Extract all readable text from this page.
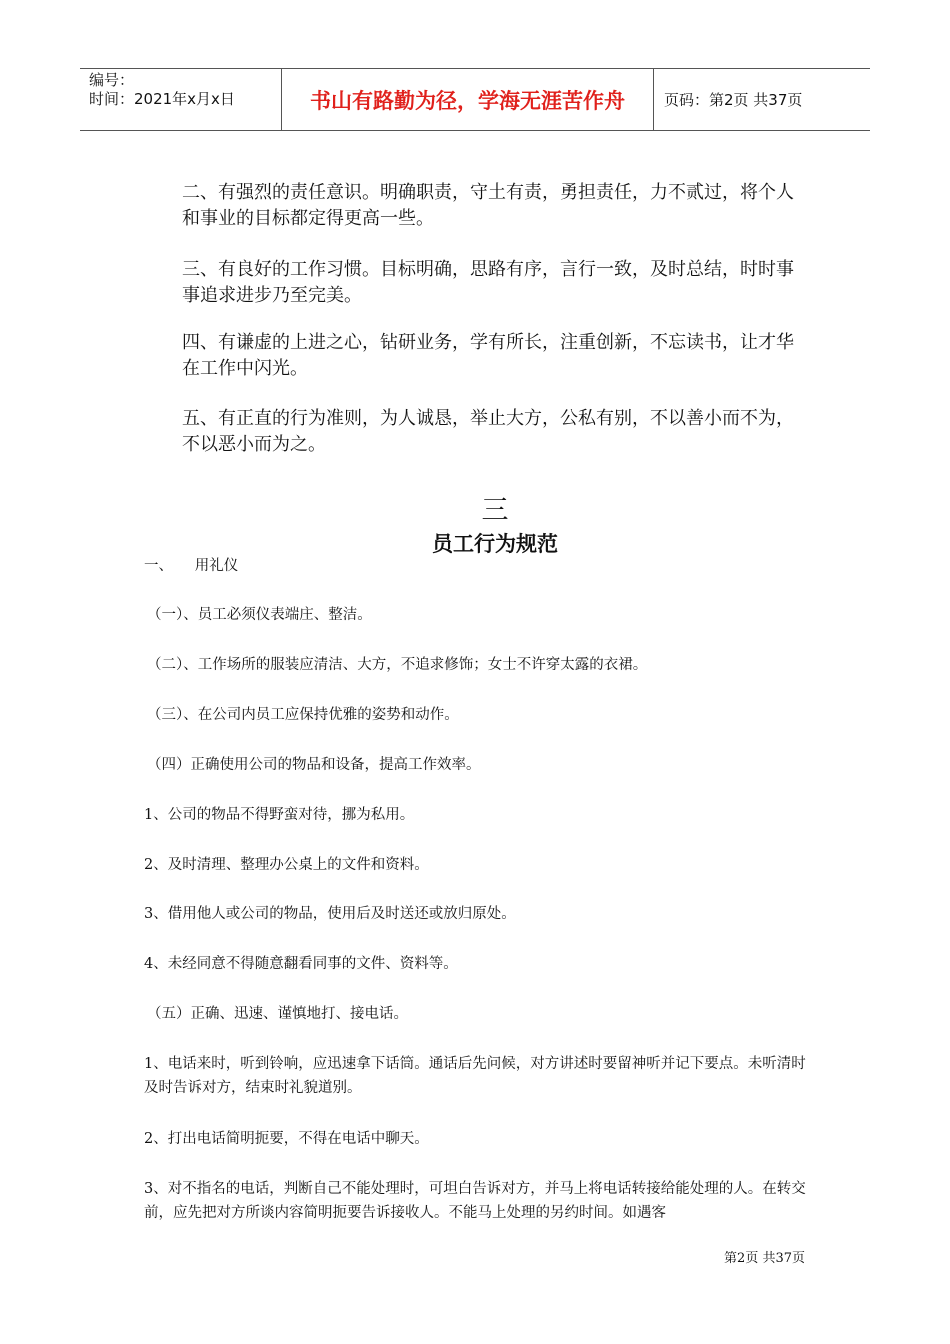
编号：
时间：2021年x月x日	书山有路勤为径，学海无涯苦作舟	页码：第2页 共37页
二、有强烈的责任意识。明确职责，守土有责，勇担责任，力不贰过，将个人和事业的目标都定得更高一些。
三、有良好的工作习惯。目标明确，思路有序，言行一致，及时总结，时时事事追求进步乃至完美。
四、有谦虚的上进之心，钻研业务，学有所长，注重创新，不忘读书，让才华在工作中闪光。
五、有正直的行为准则，为人诚恳，举止大方，公私有别，不以善小而不为，不以恶小而为之。
三
员工行为规范
一、　　用礼仪
（一）、员工必须仪表端庄、整洁。
（二）、工作场所的服装应清洁、大方，不追求修饰；女士不许穿太露的衣裙。
（三）、在公司内员工应保持优雅的姿势和动作。
（四）正确使用公司的物品和设备，提高工作效率。
1、公司的物品不得野蛮对待，挪为私用。
2、及时清理、整理办公桌上的文件和资料。
3、借用他人或公司的物品，使用后及时送还或放归原处。
4、未经同意不得随意翻看同事的文件、资料等。
（五）正确、迅速、谨慎地打、接电话。
1、电话来时，听到铃响，应迅速拿下话筒。通话后先问候，对方讲述时要留神听并记下要点。未听清时及时告诉对方，结束时礼貌道别。
2、打出电话简明扼要，不得在电话中聊天。
3、对不指名的电话，判断自己不能处理时，可坦白告诉对方，并马上将电话转接给能处理的人。在转交前，应先把对方所谈内容简明扼要告诉接收人。不能马上处理的另约时间。如遇客
第2页 共37页
